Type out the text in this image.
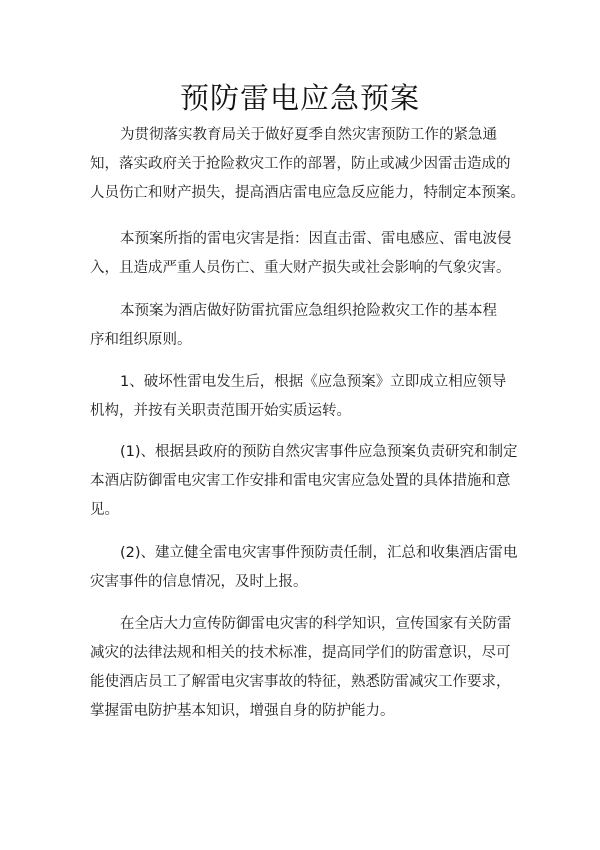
预防雷电应急预案
为贯彻落实教育局关于做好夏季自然灾害预防工作的紧急通
知，落实政府关于抢险救灾工作的部署，防止或减少因雷击造成的
人员伤亡和财产损失，提高酒店雷电应急反应能力，特制定本预案。
本预案所指的雷电灾害是指：因直击雷、雷电感应、雷电波侵
入，且造成严重人员伤亡、重大财产损失或社会影响的气象灾害。
本预案为酒店做好防雷抗雷应急组织抢险救灾工作的基本程
序和组织原则。
1、破坏性雷电发生后，根据《应急预案》立即成立相应领导
机构，并按有关职责范围开始实质运转。
(1)、根据县政府的预防自然灾害事件应急预案负责研究和制定
本酒店防御雷电灾害工作安排和雷电灾害应急处置的具体措施和意
见。
(2)、建立健全雷电灾害事件预防责任制，汇总和收集酒店雷电
灾害事件的信息情况，及时上报。
在全店大力宣传防御雷电灾害的科学知识，宣传国家有关防雷
减灾的法律法规和相关的技术标准，提高同学们的防雷意识，尽可
能使酒店员工了解雷电灾害事故的特征，熟悉防雷减灾工作要求，
掌握雷电防护基本知识，增强自身的防护能力。
